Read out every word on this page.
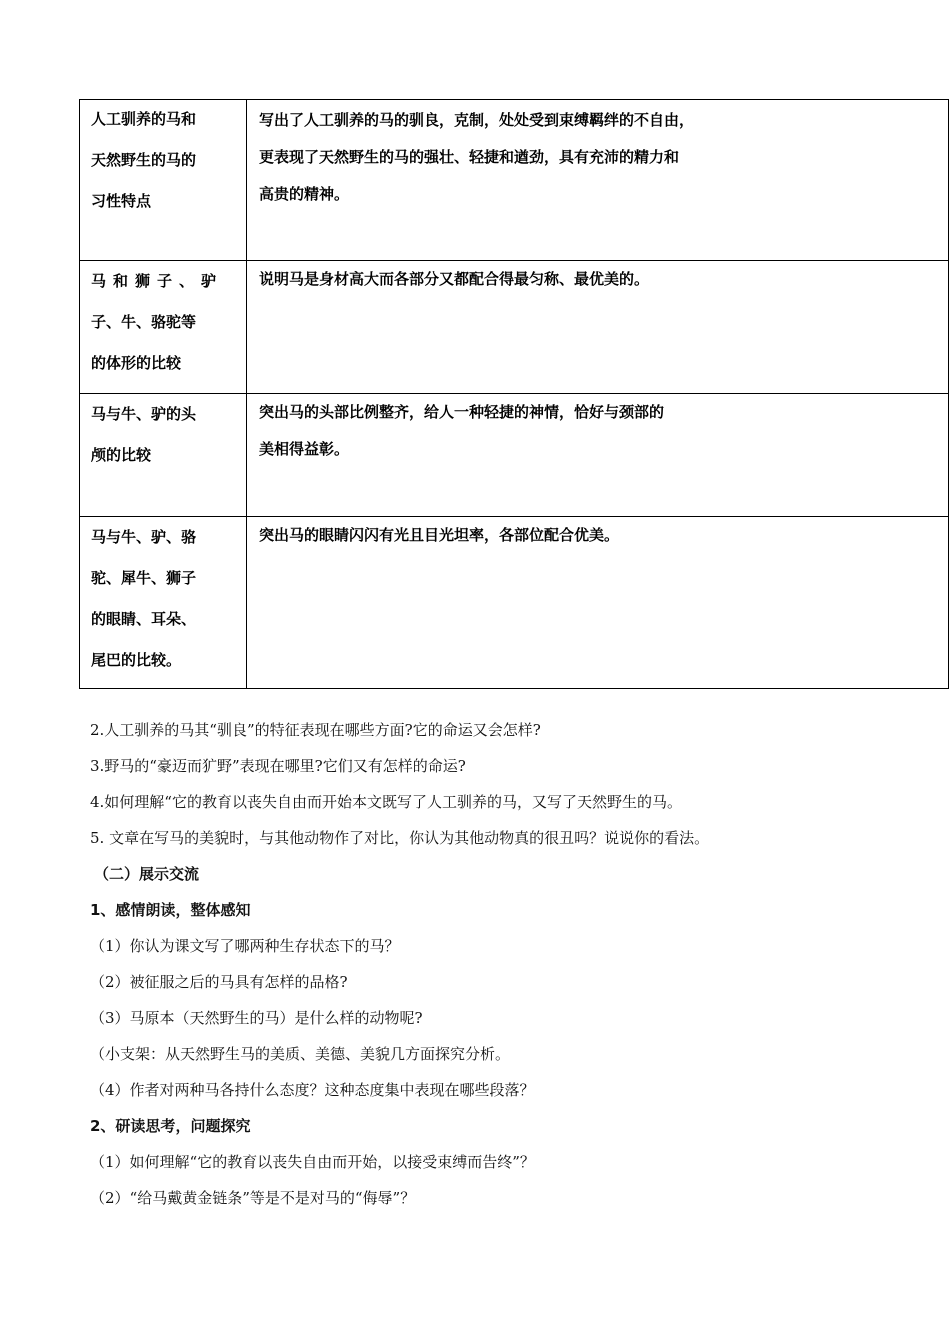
人工驯养的马和
天然野生的马的
习性特点	写出了人工驯养的马的驯良，克制，处处受到束缚羁绊的不自由，
更表现了天然野生的马的强壮、轻捷和遒劲，具有充沛的精力和
高贵的精神。

马和狮子、驴
子、牛、骆驼等
的体形的比较	说明马是身材高大而各部分又都配合得最匀称、最优美的。

马与牛、驴的头
颅的比较	突出马的头部比例整齐，给人一种轻捷的神情，恰好与颈部的
美相得益彰。

马与牛、驴、骆
驼、犀牛、狮子
的眼睛、耳朵、
尾巴的比较。	突出马的眼睛闪闪有光且目光坦率，各部位配合优美。
2.人工驯养的马其“驯良”的特征表现在哪些方面?它的命运又会怎样?
3.野马的“豪迈而犷野”表现在哪里?它们又有怎样的命运?
4.如何理解“它的教育以丧失自由而开始本文既写了人工驯养的马，又写了天然野生的马。
5. 文章在写马的美貌时，与其他动物作了对比，你认为其他动物真的很丑吗？说说你的看法。
（二）展示交流
1、感情朗读，整体感知
（1）你认为课文写了哪两种生存状态下的马？
（2）被征服之后的马具有怎样的品格?
（3）马原本（天然野生的马）是什么样的动物呢?
（小支架：从天然野生马的美质、美德、美貌几方面探究分析。
（4）作者对两种马各持什么态度？这种态度集中表现在哪些段落？
2、研读思考，问题探究
（1）如何理解“它的教育以丧失自由而开始，以接受束缚而告终”？
（2）“给马戴黄金链条”等是不是对马的“侮辱”？
